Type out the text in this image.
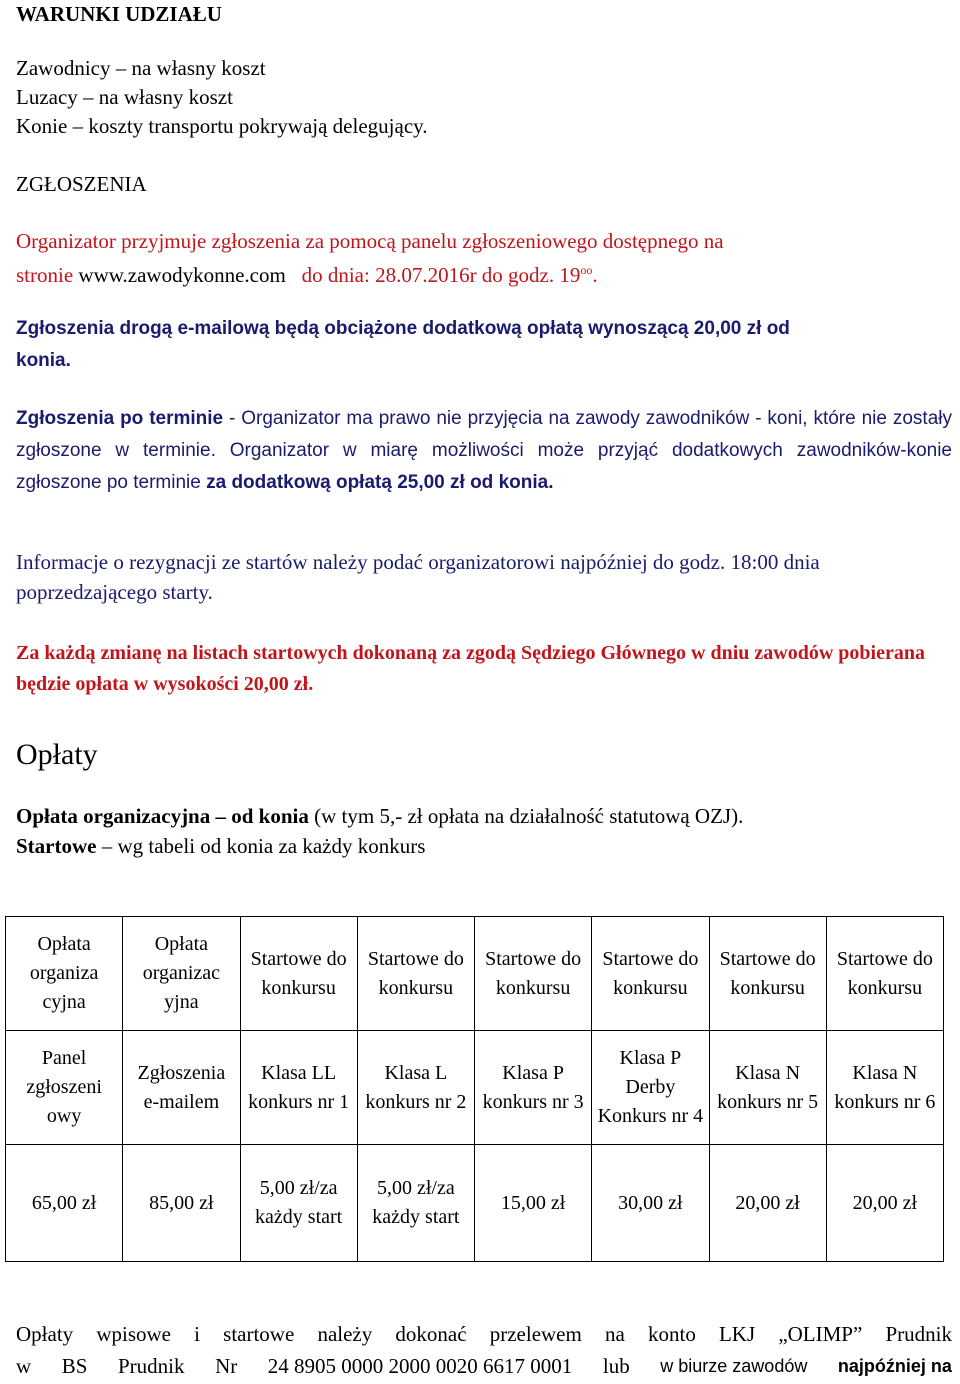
WARUNKI UDZIAŁU
Zawodnicy – na własny koszt
Luzacy – na własny koszt
Konie – koszty transportu pokrywają delegujący.
ZGŁOSZENIA
Organizator przyjmuje zgłoszenia za pomocą panelu zgłoszeniowego dostępnego na
stronie www.zawodykonne.com do dnia: 28.07.2016r do godz. $19^{oo}$.
Zgłoszenia drogą e-mailową będą obciążone dodatkową opłatą wynoszącą 20,00 zł od
konia.
Zgłoszenia po terminie - Organizator ma prawo nie przyjęcia na zawody zawodników - koni, które nie zostały zgłoszone w terminie. Organizator w miarę możliwości może przyjąć dodatkowych zawodników-konie zgłoszone po terminie za dodatkową opłatą 25,00 zł od konia.
Informacje o rezygnacji ze startów należy podać organizatorowi najpóźniej do godz. 18:00 dnia poprzedzającego starty.
Za każdą zmianę na listach startowych dokonaną za zgodą Sędziego Głównego w dniu zawodów pobierana będzie opłata w wysokości 20,00 zł.
Opłaty
Opłata organizacyjna – od konia (w tym 5,- zł opłata na działalność statutową OZJ).
Startowe – wg tabeli od konia za każdy konkurs
Opłata organiza cyjna	Opłata organizac yjna	Startowe do konkursu	Startowe do konkursu	Startowe do konkursu	Startowe do konkursu	Startowe do konkursu	Startowe do konkursu
Panel zgłoszeni owy	Zgłoszenia e-mailem	Klasa LL konkurs nr 1	Klasa L konkurs nr 2	Klasa P konkurs nr 3	Klasa P Derby Konkurs nr 4	Klasa N konkurs nr 5	Klasa N konkurs nr 6
65,00 zł	85,00 zł	5,00 zł/za każdy start	5,00 zł/za każdy start	15,00 zł	30,00 zł	20,00 zł	20,00 zł
Opłaty wpisowe i startowe należy dokonać przelewem na konto LKJ „OLIMP” Prudnik
w BS Prudnik Nr 24 8905 0000 2000 0020 6617 0001 lub w biurze zawodów najpóźniej na
